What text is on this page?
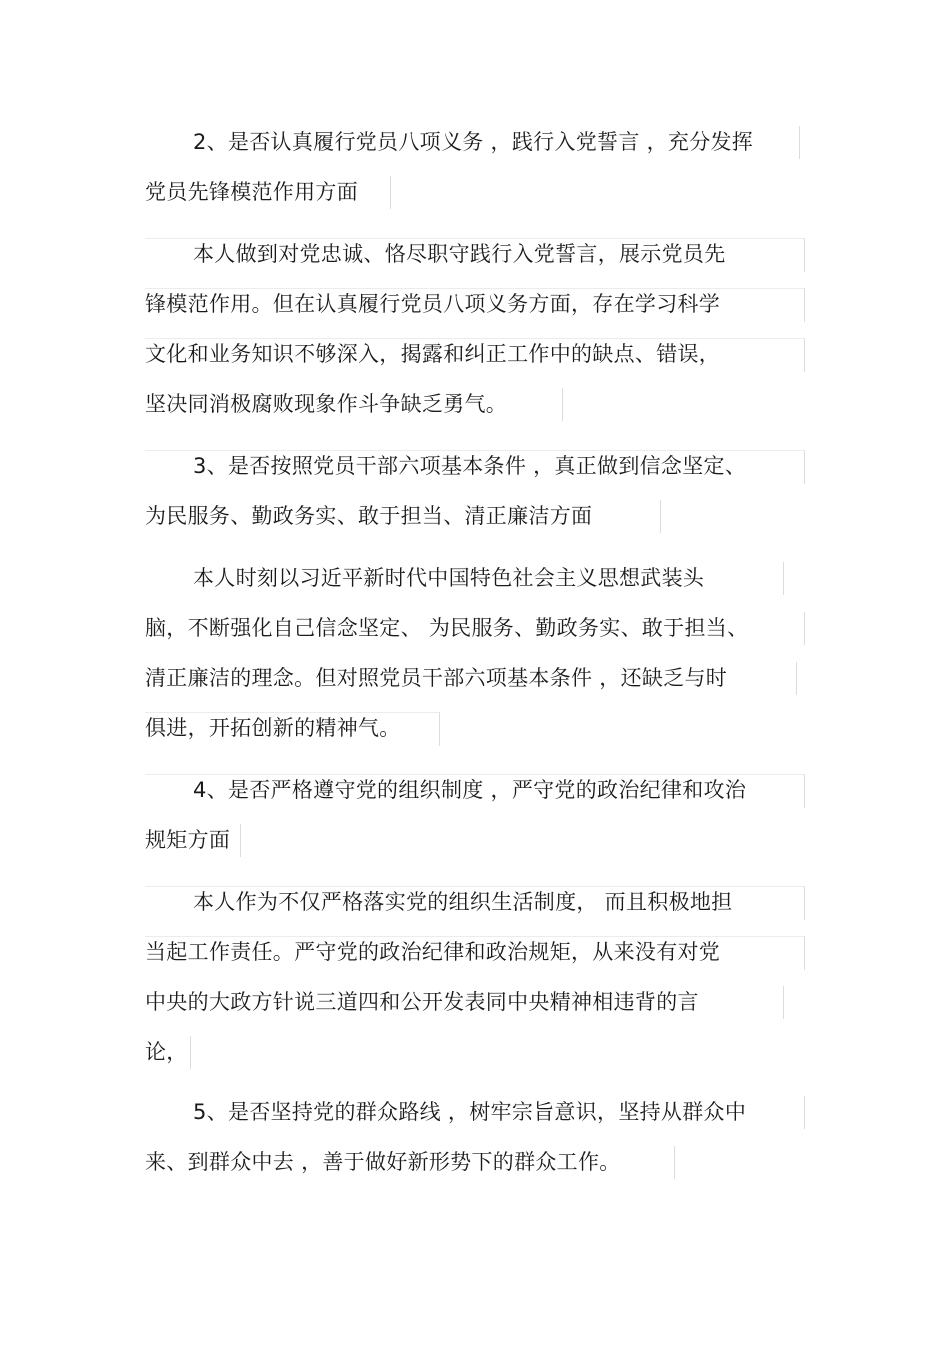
2、是否认真履行党员八项义务 ，践行入党誓言 ，充分发挥
党员先锋模范作用方面
本人做到对党忠诚、恪尽职守践行入党誓言，展示党员先
锋模范作用。但在认真履行党员八项义务方面，存在学习科学
文化和业务知识不够深入，揭露和纠正工作中的缺点、错误，
坚决同消极腐败现象作斗争缺乏勇气。
3、是否按照党员干部六项基本条件 ，真正做到信念坚定、
为民服务、勤政务实、敢于担当、清正廉洁方面
本人时刻以习近平新时代中国特色社会主义思想武装头
脑，不断强化自己信念坚定、 为民服务、勤政务实、敢于担当、
清正廉洁的理念。但对照党员干部六项基本条件 ，还缺乏与时
俱进，开拓创新的精神气。
4、是否严格遵守党的组织制度 ，严守党的政治纪律和攻治
规矩方面
本人作为不仅严格落实党的组织生活制度， 而且积极地担
当起工作责任。严守党的政治纪律和政治规矩，从来没有对党
中央的大政方针说三道四和公开发表同中央精神相违背的言
论，
5、是否坚持党的群众路线 ，树牢宗旨意识，坚持从群众中
来、到群众中去 ，善于做好新形势下的群众工作。
